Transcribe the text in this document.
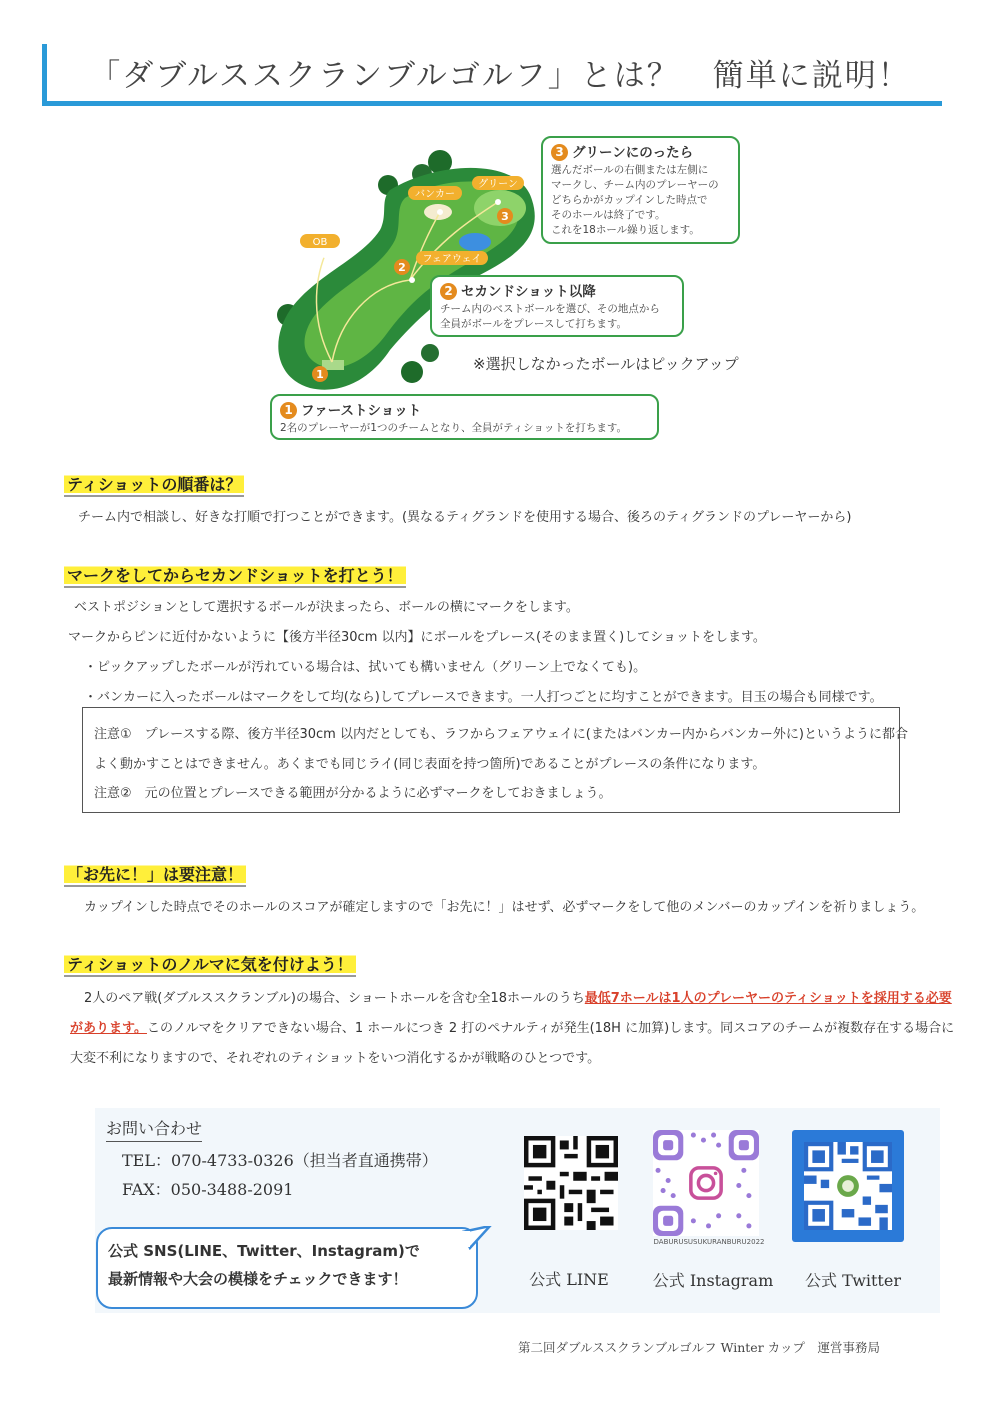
「ダブルススクランブルゴルフ」とは？　簡単に説明！
1
2
3
OB
バンカー
グリーン
フェアウェイ
3 グリーンにのったら
選んだボールの右側または左側に
マークし、チーム内のプレーヤーの
どちらかがカップインした時点で
そのホールは終了です。
これを18ホール繰り返します。
2 セカンドショット以降
チーム内のベストボールを選び、その地点から
全員がボールをプレースして打ちます。
※選択しなかったボールはピックアップ
1 ファーストショット
2名のプレーヤーが1つのチームとなり、全員がティショットを打ちます。
ティショットの順番は？
チーム内で相談し、好きな打順で打つことができます。(異なるティグランドを使用する場合、後ろのティグランドのプレーヤーから)
マークをしてからセカンドショットを打とう！
ベストポジションとして選択するボールが決まったら、ボールの横にマークをします。
マークからピンに近付かないように【後方半径30cm 以内】にボールをプレース(そのまま置く)してショットをします。
・ピックアップしたボールが汚れている場合は、拭いても構いません（グリーン上でなくても)。
・バンカーに入ったボールはマークをして均(なら)してプレースできます。一人打つごとに均すことができます。目玉の場合も同様です。
注意①　プレースする際、後方半径30cm 以内だとしても、ラフからフェアウェイに(またはバンカー内からバンカー外に)というように都合
よく動かすことはできません。あくまでも同じライ(同じ表面を持つ箇所)であることがプレースの条件になります。
注意②　元の位置とプレースできる範囲が分かるように必ずマークをしておきましょう。
「お先に！」は要注意！
カップインした時点でそのホールのスコアが確定しますので「お先に！」はせず、必ずマークをして他のメンバーのカップインを祈りましょう。
ティショットのノルマに気を付けよう！
2人のペア戦(ダブルススクランブル)の場合、ショートホールを含む全18ホールのうち最低7ホールは1人のプレーヤーのティショットを採用する必要
があります。このノルマをクリアできない場合、1 ホールにつき 2 打のペナルティが発生(18H に加算)します。同スコアのチームが複数存在する場合に
大変不利になりますので、それぞれのティショットをいつ消化するかが戦略のひとつです。
お問い合わせ
TEL：070-4733-0326（担当者直通携帯）
FAX：050-3488-2091
公式 SNS(LINE、Twitter、Instagram)で
最新情報や大会の模様をチェックできます！
DABURUSUSUKURANBURU2022
公式 LINE	公式 Instagram	公式 Twitter
第二回ダブルススクランブルゴルフ Winter カップ　運営事務局
